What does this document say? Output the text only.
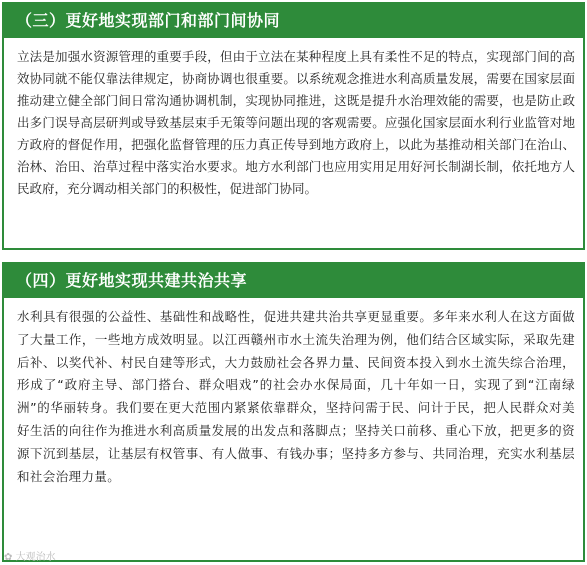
（三）更好地实现部门和部门间协同

立法是加强水资源管理的重要手段，但由于立法在某种程度上具有柔性不足的特点，实现部门间的高效协同就不能仅靠法律规定，协商协调也很重要。以系统观念推进水利高质量发展，需要在国家层面推动建立健全部门间日常沟通协调机制，实现协同推进，这既是提升水治理效能的需要，也是防止政出多门误导高层研判或导致基层束手无策等问题出现的客观需要。应强化国家层面水利行业监管对地方政府的督促作用，把强化监督管理的压力真正传导到地方政府上，以此为基推动相关部门在治山、治林、治田、治草过程中落实治水要求。地方水利部门也应用实用足用好河长制湖长制，依托地方人民政府，充分调动相关部门的积极性，促进部门协同。

（四）更好地实现共建共治共享

水利具有很强的公益性、基础性和战略性，促进共建共治共享更显重要。多年来水利人在这方面做了大量工作，一些地方成效明显。以江西赣州市水土流失治理为例，他们结合区域实际，采取先建后补、以奖代补、村民自建等形式，大力鼓励社会各界力量、民间资本投入到水土流失综合治理，形成了“政府主导、部门搭台、群众唱戏”的社会办水保局面，几十年如一日，实现了到“江南绿洲”的华丽转身。我们要在更大范围内紧紧依靠群众，坚持问需于民、问计于民，把人民群众对美好生活的向往作为推进水利高质量发展的出发点和落脚点；坚持关口前移、重心下放，把更多的资源下沉到基层，让基层有权管事、有人做事、有钱办事；坚持多方参与、共同治理，充实水利基层和社会治理力量。

✿ 大观治水
